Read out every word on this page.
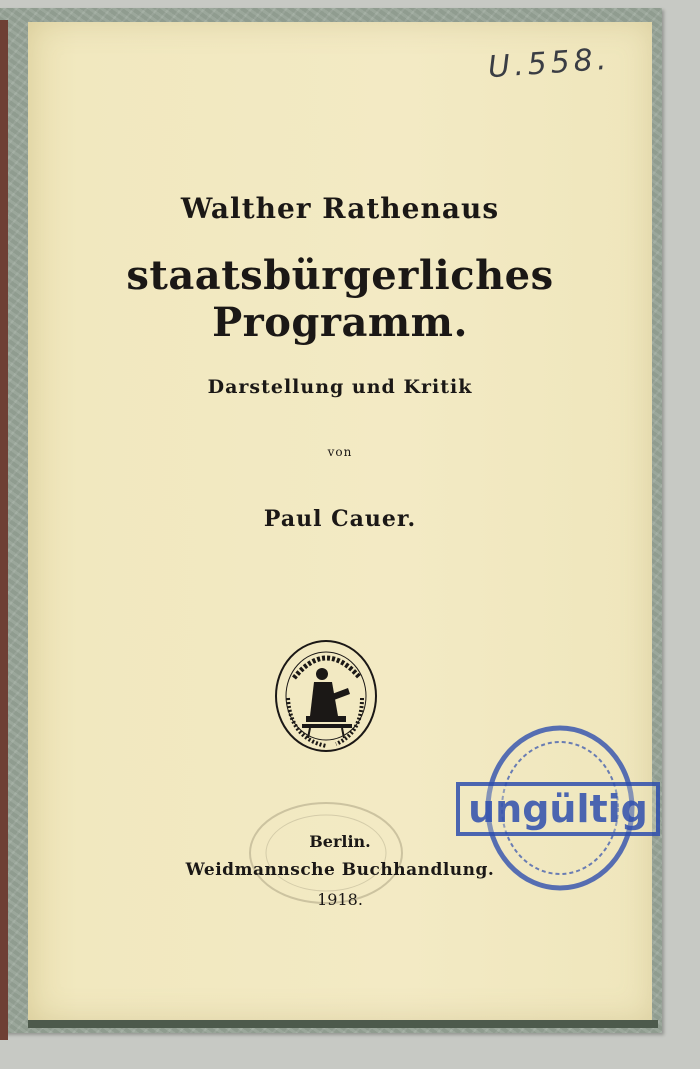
U.558.
Walther Rathenaus
staatsbürgerliches Programm.
Darstellung und Kritik
von
Paul Cauer.
Berlin.
Weidmannsche Buchhandlung.
1918.
ungültig
